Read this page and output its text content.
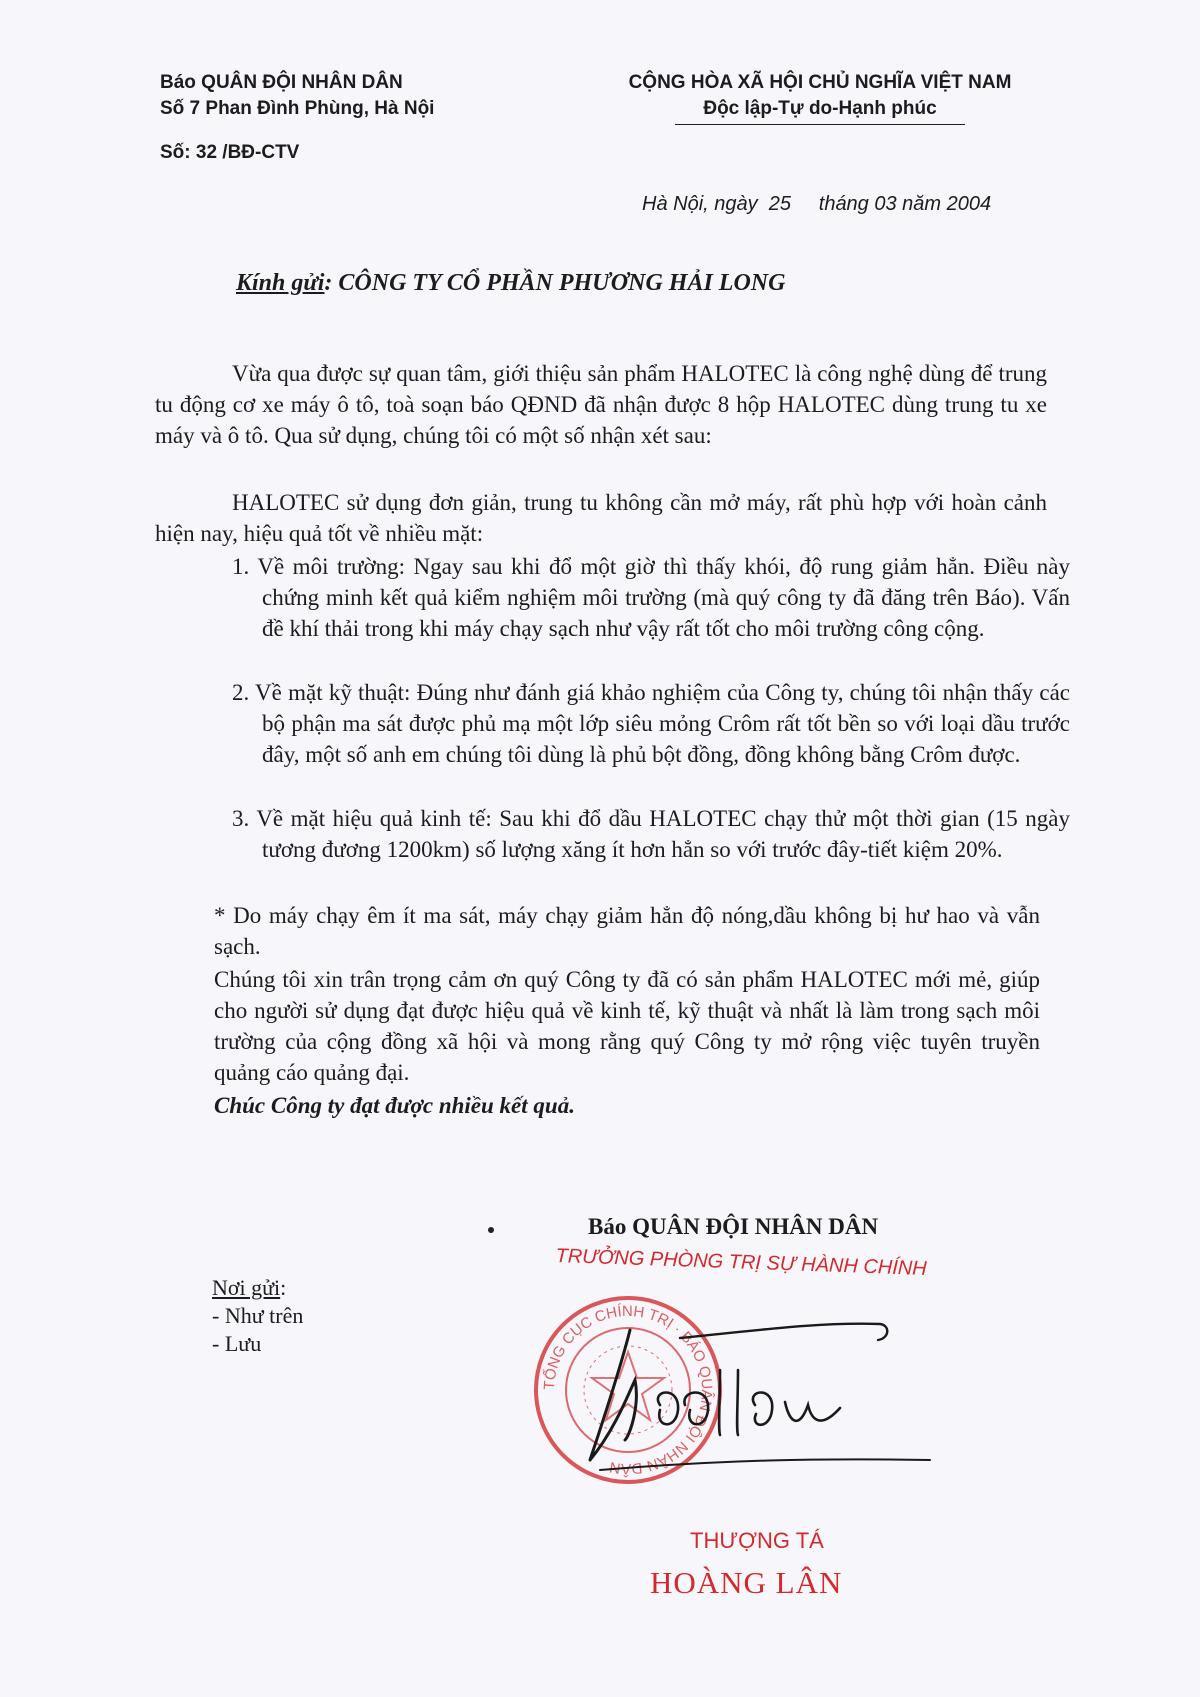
Báo QUÂN ĐỘI NHÂN DÂN
Số 7 Phan Đình Phùng, Hà Nội
Số: 32 /BĐ-CTV
CỘNG HÒA XÃ HỘI CHỦ NGHĨA VIỆT NAM
Độc lập-Tự do-Hạnh phúc
Hà Nội, ngày  25     tháng 03 năm 2004
Kính gửi: CÔNG TY CỔ PHẦN PHƯƠNG HẢI LONG
Vừa qua được sự quan tâm, giới thiệu sản phẩm HALOTEC là công nghệ dùng để trung tu động cơ xe máy ô tô, toà soạn báo QĐND đã nhận được 8 hộp HALOTEC dùng trung tu xe máy và ô tô. Qua sử dụng, chúng tôi có một số nhận xét sau:
HALOTEC sử dụng đơn giản, trung tu không cần mở máy, rất phù hợp với hoàn cảnh hiện nay, hiệu quả tốt về nhiều mặt:
1. Về môi trường: Ngay sau khi đổ một giờ thì thấy khói, độ rung giảm hẳn. Điều này chứng minh kết quả kiểm nghiệm môi trường (mà quý công ty đã đăng trên Báo). Vấn đề khí thải trong khi máy chạy sạch như vậy rất tốt cho môi trường công cộng.
2. Về mặt kỹ thuật: Đúng như đánh giá khảo nghiệm của Công ty, chúng tôi nhận thấy các bộ phận ma sát được phủ mạ một lớp siêu mỏng Crôm rất tốt bền so với loại dầu trước đây, một số anh em chúng tôi dùng là phủ bột đồng, đồng không bằng Crôm được.
3. Về mặt hiệu quả kinh tế: Sau khi đổ dầu HALOTEC chạy thử một thời gian (15 ngày tương đương 1200km) số lượng xăng ít hơn hẳn so với trước đây-tiết kiệm 20%.
* Do máy chạy êm ít ma sát, máy chạy giảm hẳn độ nóng,dầu không bị hư hao và vẫn sạch.
Chúng tôi xin trân trọng cảm ơn quý Công ty đã có sản phẩm HALOTEC mới mẻ, giúp cho người sử dụng đạt được hiệu quả về kinh tế, kỹ thuật và nhất là làm trong sạch môi trường của cộng đồng xã hội và mong rằng quý Công ty mở rộng việc tuyên truyền quảng cáo quảng đại.
Chúc Công ty đạt được nhiều kết quả.
Báo QUÂN ĐỘI NHÂN DÂN
TRƯỞNG PHÒNG TRỊ SỰ HÀNH CHÍNH
Nơi gửi:
- Như trên
- Lưu
TỔNG CỤC CHÍNH TRỊ · BÁO QUÂN ĐỘI NHÂN DÂN
THƯỢNG TÁ
HOÀNG LÂN
